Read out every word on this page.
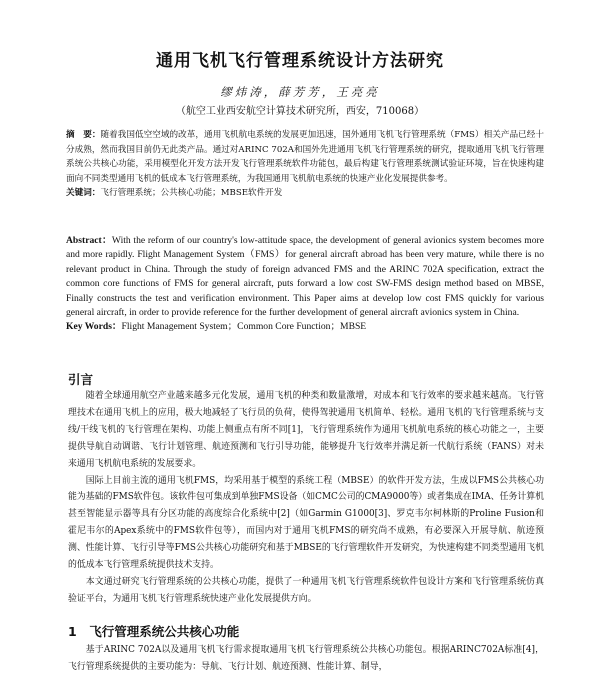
通用飞机飞行管理系统设计方法研究
缪炜涛，薛芳芳，王亮亮
（航空工业西安航空计算技术研究所，西安，710068）
摘　要：随着我国低空空域的改革，通用飞机航电系统的发展更加迅速，国外通用飞机飞行管理系统（FMS）相关产品已经十分成熟，然而我国目前仍无此类产品。通过对ARINC 702A和国外先进通用飞机飞行管理系统的研究，提取通用飞机飞行管理系统公共核心功能，采用模型化开发方法开发飞行管理系统软件功能包，最后构建飞行管理系统测试验证环境，旨在快速构建面向不同类型通用飞机的低成本飞行管理系统，为我国通用飞机航电系统的快速产业化发展提供参考。
关键词：飞行管理系统；公共核心功能；MBSE软件开发
Abstract：With the reform of our country's low-attitude space, the development of general avionics system becomes more and more rapidly. Flight Management System（FMS）for general aircraft abroad has been very mature, while there is no relevant product in China. Through the study of foreign advanced FMS and the ARINC 702A specification, extract the common core functions of FMS for general aircraft, puts forward a low cost SW-FMS design method based on MBSE, Finally constructs the test and verification environment. This Paper aims at develop low cost FMS quickly for various general aircraft, in order to provide reference for the further development of general aircraft avionics system in China.
Key Words：Flight Management System；Common Core Function；MBSE
引言

随着全球通用航空产业越来越多元化发展，通用飞机的种类和数量激增，对成本和飞行效率的要求越来越高。飞行管理技术在通用飞机上的应用，极大地减轻了飞行员的负荷，使得驾驶通用飞机简单、轻松。通用飞机的飞行管理系统与支线/干线飞机的飞行管理在架构、功能上侧重点有所不同[1]，飞行管理系统作为通用飞机航电系统的核心功能之一，主要提供导航自动调谐、飞行计划管理、航迹预测和飞行引导功能，能够提升飞行效率并满足新一代航行系统（FANS）对未来通用飞机航电系统的发展要求。

国际上目前主流的通用飞机FMS，均采用基于模型的系统工程（MBSE）的软件开发方法，生成以FMS公共核心功能为基础的FMS软件包。该软件包可集成到单独FMS设备（如CMC公司的CMA9000等）或者集成在IMA、任务计算机甚至智能显示器等具有分区功能的高度综合化系统中[2]（如Garmin G1000[3]、罗克韦尔柯林斯的Proline Fusion和霍尼韦尔的Apex系统中的FMS软件包等），而国内对于通用飞机FMS的研究尚不成熟，有必要深入开展导航、航迹预测、性能计算、飞行引导等FMS公共核心功能研究和基于MBSE的飞行管理软件开发研究，为快速构建不同类型通用飞机的低成本飞行管理系统提供技术支持。

本文通过研究飞行管理系统的公共核心功能，提供了一种通用飞机飞行管理系统软件包设计方案和飞行管理系统仿真验证平台，为通用飞机飞行管理系统快速产业化发展提供方向。

1　飞行管理系统公共核心功能

基于ARINC 702A以及通用飞机飞行需求提取通用飞机飞行管理系统公共核心功能包。根据ARINC702A标准[4]，飞行管理系统提供的主要功能为：导航、飞行计划、航迹预测、性能计算、制导，
